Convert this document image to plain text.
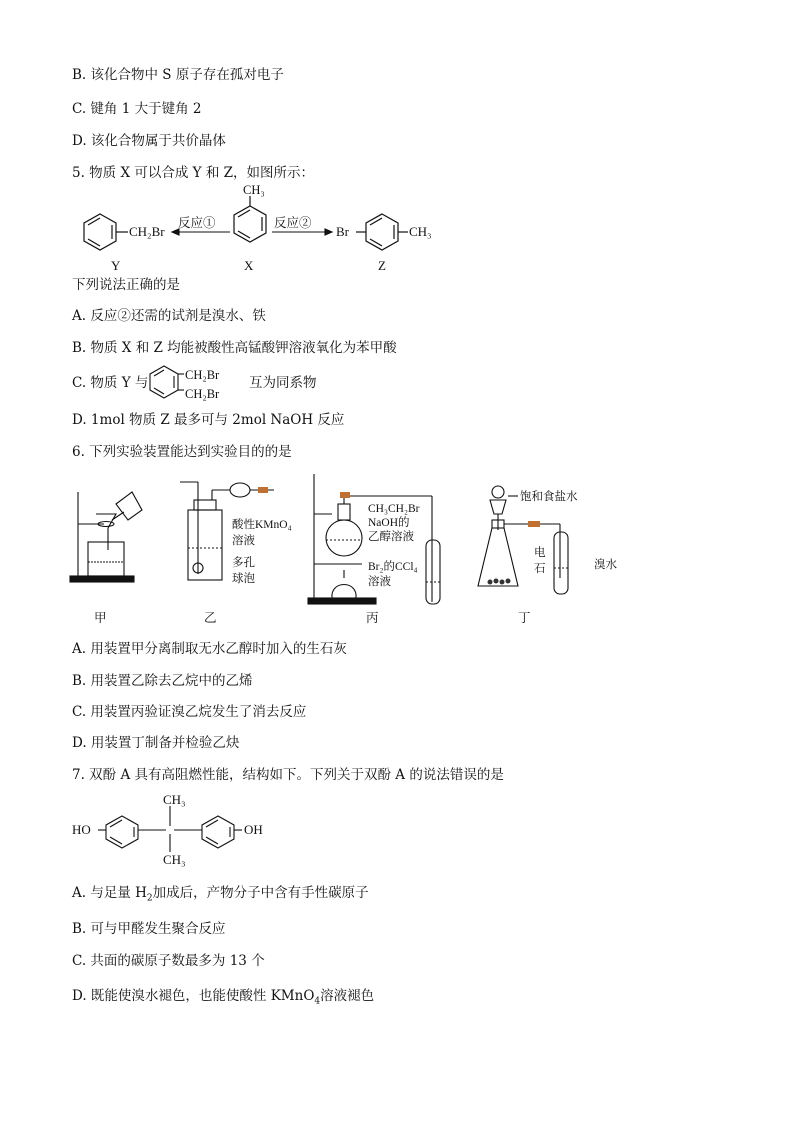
B. 该化合物中 S 原子存在孤对电子
C. 键角 1 大于键角 2
D. 该化合物属于共价晶体
5. 物质 X 可以合成 Y 和 Z，如图所示：
CH₂Br
反应①
CH₃
反应②
Br	CH₃
Y	X	Z
下列说法正确的是
A. 反应②还需的试剂是溴水、铁
B. 物质 X 和 Z 均能被酸性高锰酸钾溶液氧化为苯甲酸
C. 物质 Y 与	CH₂Br
CH₂Br
互为同系物
D. 1mol 物质 Z 最多可与 2mol NaOH 反应
6. 下列实验装置能达到实验目的的是
酸性KMnO₄
溶液
多孔
球泡
CH₃CH₂Br
NaOH的
乙醇溶液
Br₂的CCl₄
溶液
饱和食盐水
电
石	溴水
甲	乙	丙	丁
A. 用装置甲分离制取无水乙醇时加入的生石灰
B. 用装置乙除去乙烷中的乙烯
C. 用装置丙验证溴乙烷发生了消去反应
D. 用装置丁制备并检验乙炔
7. 双酚 A 具有高阻燃性能，结构如下。下列关于双酚 A 的说法错误的是
HO
CH₃
CH₃
OH
A. 与足量 $H_2$加成后，产物分子中含有手性碳原子
B. 可与甲醛发生聚合反应
C. 共面的碳原子数最多为 13 个
D. 既能使溴水褪色，也能使酸性 KMnO$_4$溶液褪色
